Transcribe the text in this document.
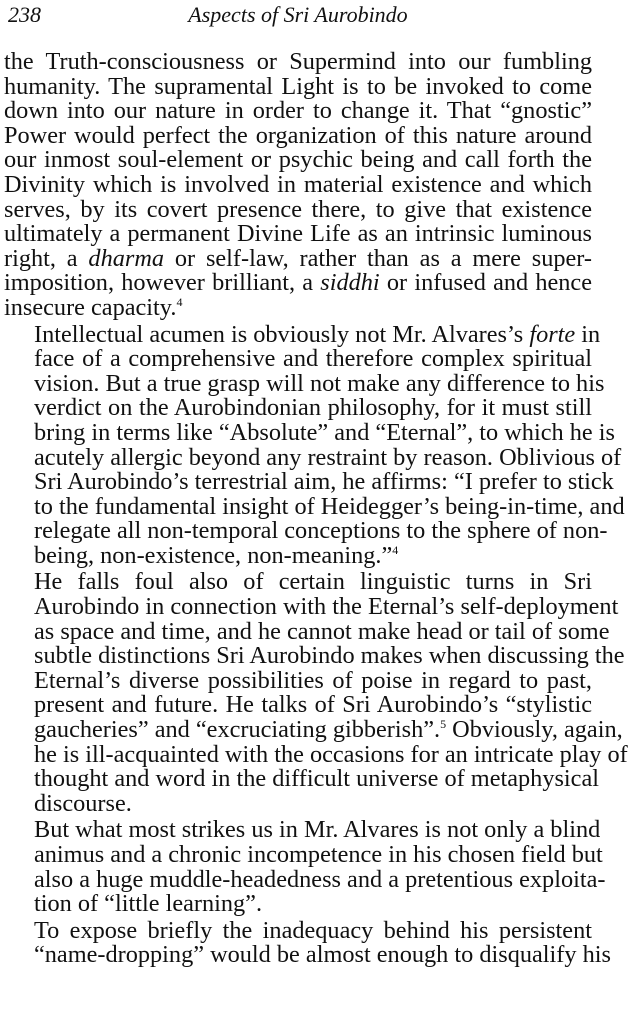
238	Aspects of Sri Aurobindo

the Truth-consciousness or Supermind into our fumbling
humanity. The supramental Light is to be invoked to come
down into our nature in order to change it. That “gnostic”
Power would perfect the organization of this nature around
our inmost soul-element or psychic being and call forth the
Divinity which is involved in material existence and which
serves, by its covert presence there, to give that existence
ultimately a permanent Divine Life as an intrinsic luminous
right, a dharma or self-law, rather than as a mere super-
imposition, however brilliant, a siddhi or infused and hence
insecure capacity.$^4$

Intellectual acumen is obviously not Mr. Alvares’s forte in
face of a comprehensive and therefore complex spiritual
vision. But a true grasp will not make any difference to his
verdict on the Aurobindonian philosophy, for it must still
bring in terms like “Absolute” and “Eternal”, to which he is
acutely allergic beyond any restraint by reason. Oblivious of
Sri Aurobindo’s terrestrial aim, he affirms: “I prefer to stick
to the fundamental insight of Heidegger’s being-in-time, and
relegate all non-temporal conceptions to the sphere of non-
being, non-existence, non-meaning.”$^4$

He falls foul also of certain linguistic turns in Sri
Aurobindo in connection with the Eternal’s self-deployment
as space and time, and he cannot make head or tail of some
subtle distinctions Sri Aurobindo makes when discussing the
Eternal’s diverse possibilities of poise in regard to past,
present and future. He talks of Sri Aurobindo’s “stylistic
gaucheries” and “excruciating gibberish”.$^5$ Obviously, again,
he is ill-acquainted with the occasions for an intricate play of
thought and word in the difficult universe of metaphysical
discourse.

But what most strikes us in Mr. Alvares is not only a blind
animus and a chronic incompetence in his chosen field but
also a huge muddle-headedness and a pretentious exploita-
tion of “little learning”.

To expose briefly the inadequacy behind his persistent
“name-dropping” would be almost enough to disqualify his
